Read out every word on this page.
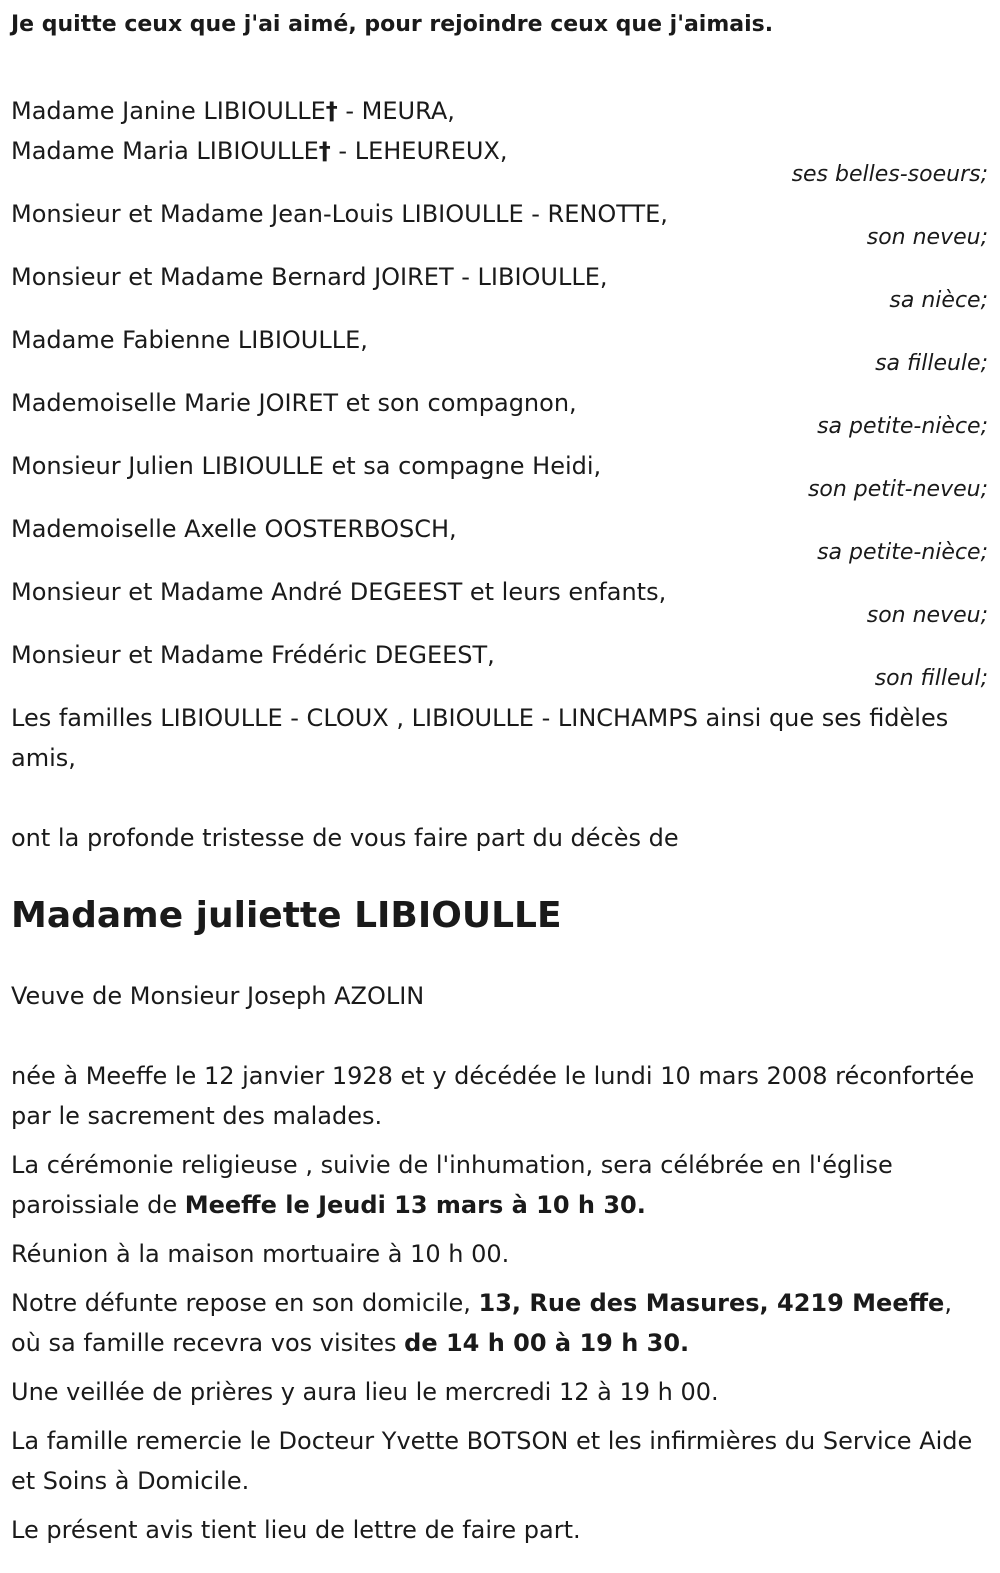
Je quitte ceux que j'ai aimé, pour rejoindre ceux que j'aimais.

Madame Janine LIBIOULLE† - MEURA,
Madame Maria LIBIOULLE† - LEHEUREUX,
ses belles-soeurs;
Monsieur et Madame Jean-Louis LIBIOULLE - RENOTTE,
son neveu;
Monsieur et Madame Bernard JOIRET - LIBIOULLE,
sa nièce;
Madame Fabienne LIBIOULLE,
sa filleule;
Mademoiselle Marie JOIRET et son compagnon,
sa petite-nièce;
Monsieur Julien LIBIOULLE et sa compagne Heidi,
son petit-neveu;
Mademoiselle Axelle OOSTERBOSCH,
sa petite-nièce;
Monsieur et Madame André DEGEEST et leurs enfants,
son neveu;
Monsieur et Madame Frédéric DEGEEST,
son filleul;
Les familles LIBIOULLE - CLOUX , LIBIOULLE - LINCHAMPS ainsi que ses fidèles amis,
ont la profonde tristesse de vous faire part du décès de
Madame juliette LIBIOULLE
Veuve de Monsieur Joseph AZOLIN

née à Meeffe le 12 janvier 1928 et y décédée le lundi 10 mars 2008 réconfortée par le sacrement des malades.

La cérémonie religieuse , suivie de l'inhumation, sera célébrée en l'église paroissiale de Meeffe le Jeudi 13 mars à 10 h 30.

Réunion à la maison mortuaire à 10 h 00.

Notre défunte repose en son domicile, 13, Rue des Masures, 4219 Meeffe, où sa famille recevra vos visites de 14 h 00 à 19 h 30.

Une veillée de prières y aura lieu le mercredi 12 à 19 h 00.

La famille remercie le Docteur Yvette BOTSON et les infirmières du Service Aide et Soins à Domicile.

Le présent avis tient lieu de lettre de faire part.
